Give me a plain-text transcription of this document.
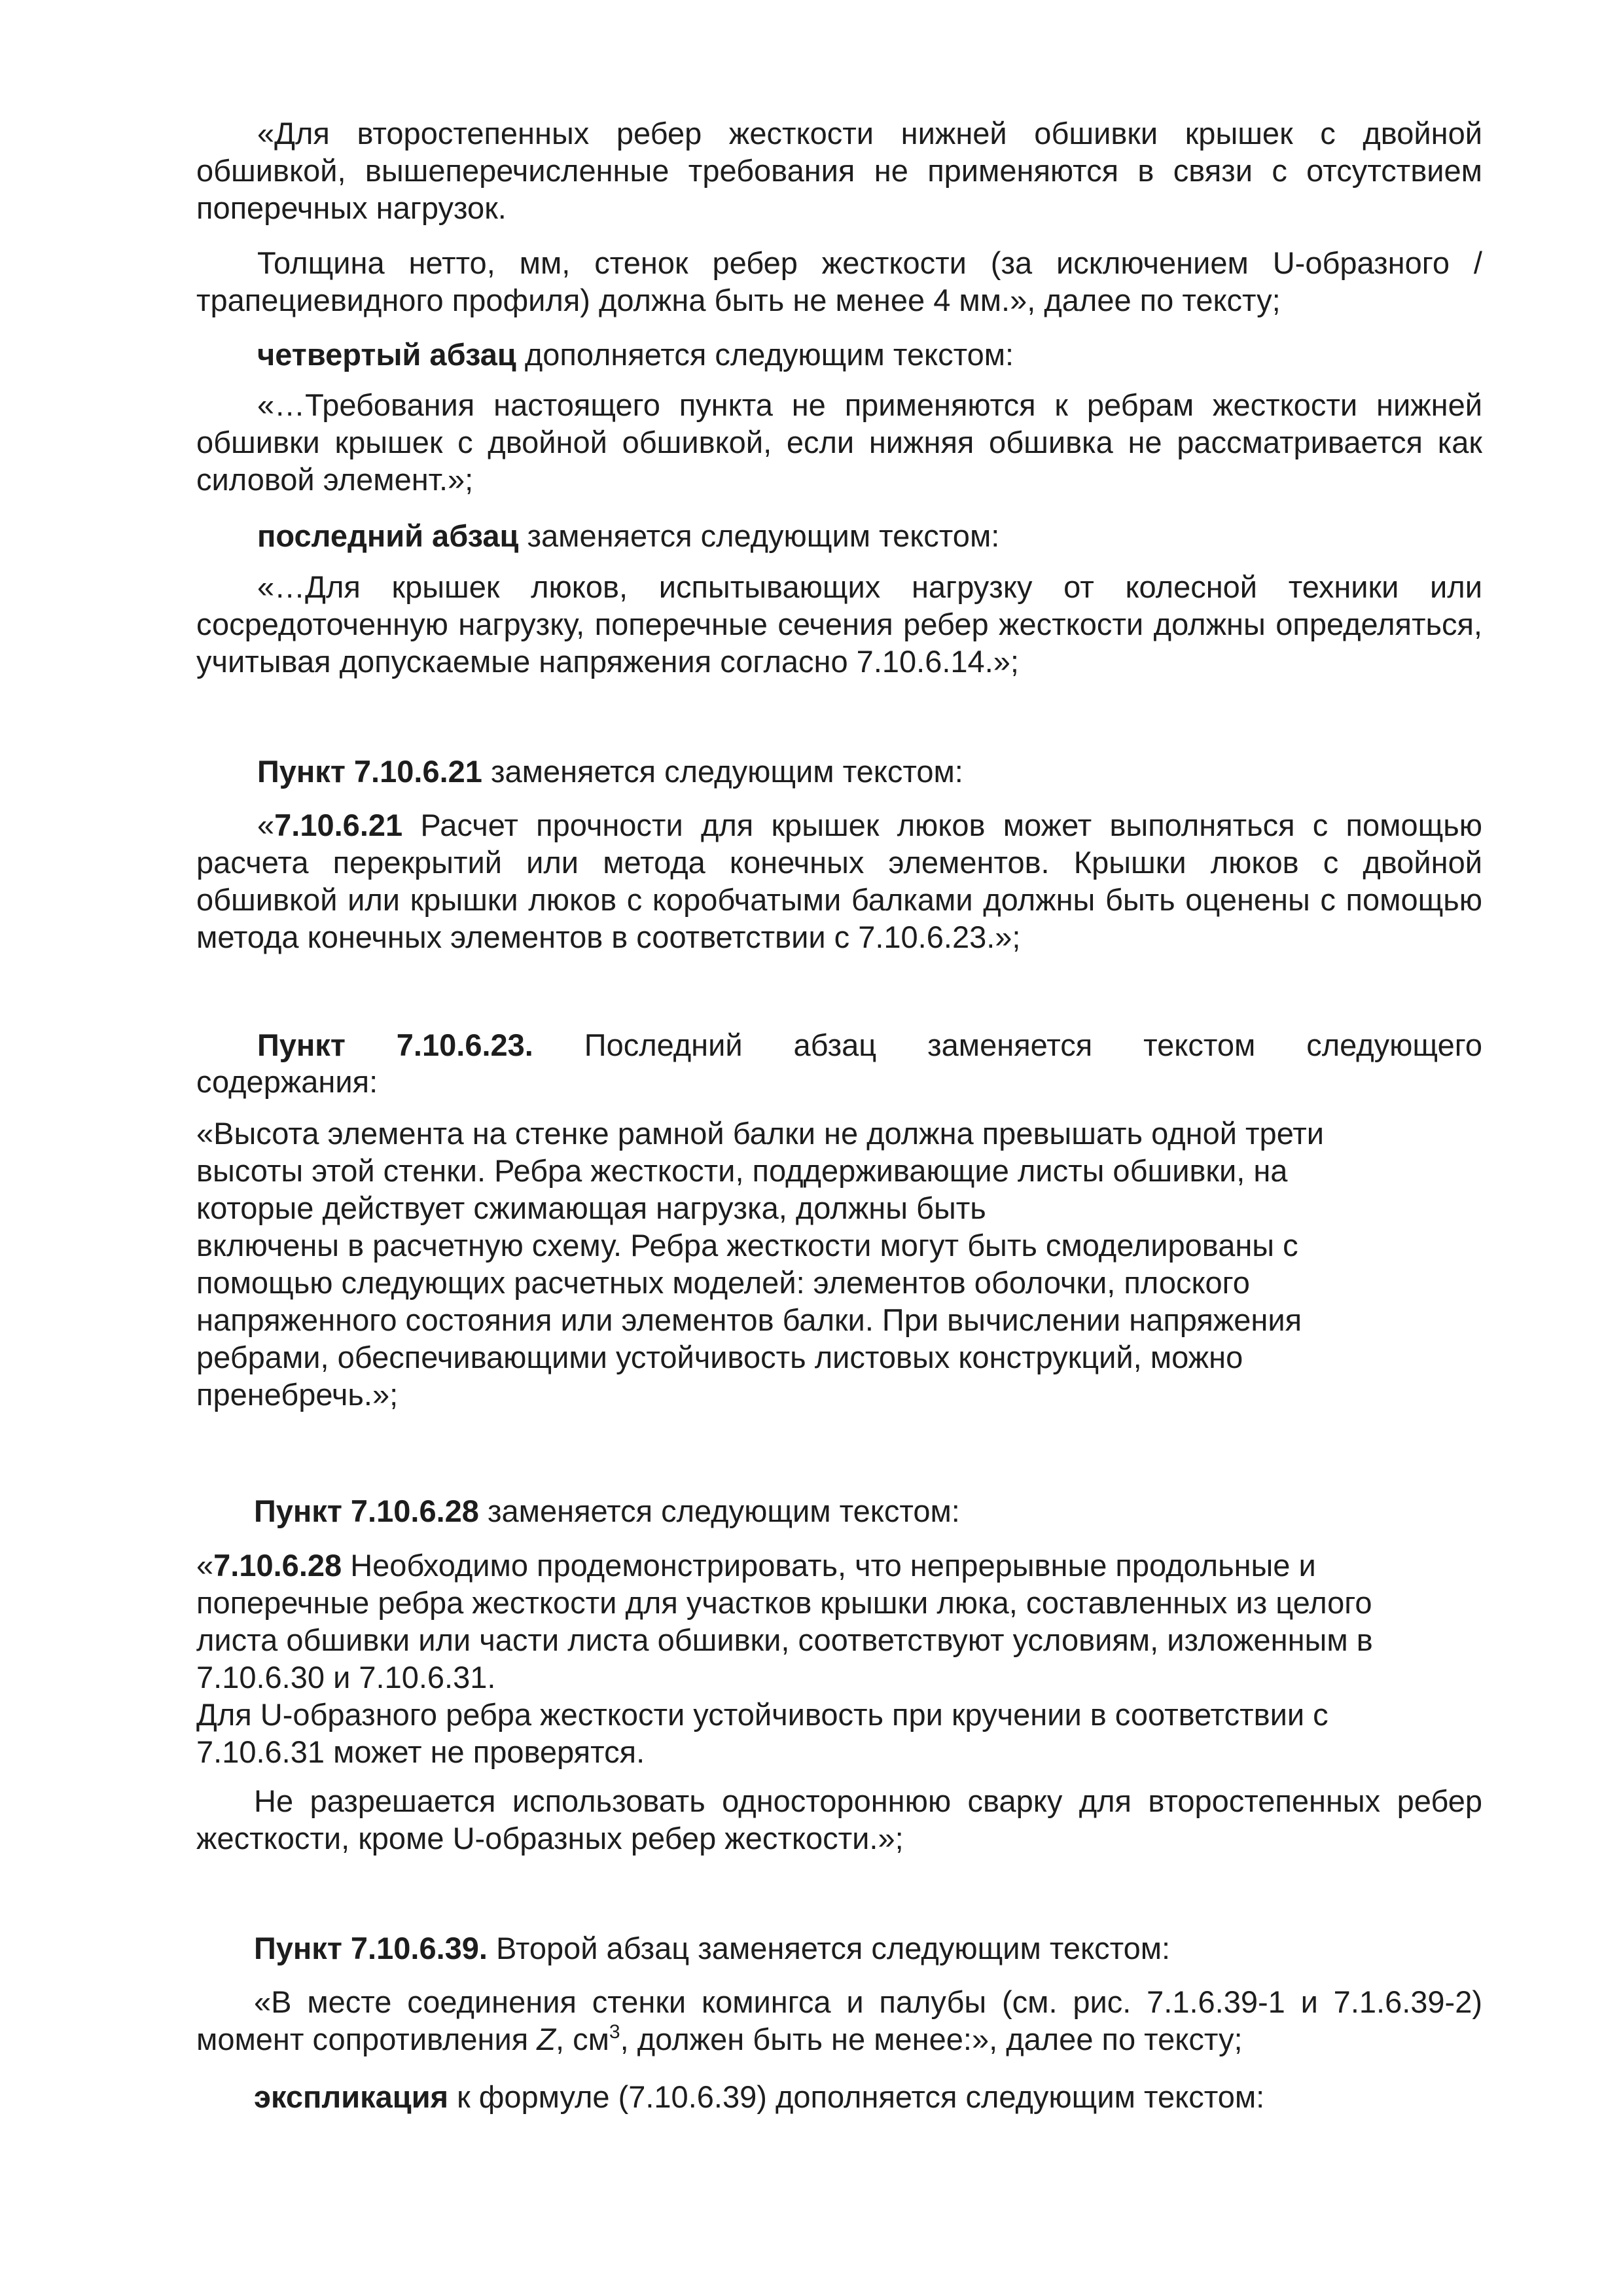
«Для второстепенных ребер жесткости нижней обшивки крышек с двойной обшивкой, вышеперечисленные требования не применяются в связи с отсутствием поперечных нагрузок.
Толщина нетто, мм, стенок ребер жесткости (за исключением U-образного / трапециевидного профиля) должна быть не менее 4 мм.», далее по тексту;
четвертый абзац дополняется следующим текстом:
«…Требования настоящего пункта не применяются к ребрам жесткости нижней обшивки крышек с двойной обшивкой, если нижняя обшивка не рассматривается как силовой элемент.»;
последний абзац заменяется следующим текстом:
«…Для крышек люков, испытывающих нагрузку от колесной техники или сосредоточенную нагрузку, поперечные сечения ребер жесткости должны определяться, учитывая допускаемые напряжения согласно 7.10.6.14.»;
Пункт 7.10.6.21 заменяется следующим текстом:
«7.10.6.21 Расчет прочности для крышек люков может выполняться с помощью расчета перекрытий или метода конечных элементов. Крышки люков с двойной обшивкой или крышки люков с коробчатыми балками должны быть оценены с помощью метода конечных элементов в соответствии с 7.10.6.23.»;
Пункт 7.10.6.23. Последний абзац заменяется текстом следующего
содержания:
«Высота элемента на стенке рамной балки не должна превышать одной трети
высоты этой стенки. Ребра жесткости, поддерживающие листы обшивки, на
которые действует сжимающая нагрузка, должны быть
включены в расчетную схему. Ребра жесткости могут быть смоделированы с
помощью следующих расчетных моделей: элементов оболочки, плоского
напряженного состояния или элементов балки. При вычислении напряжения
ребрами, обеспечивающими устойчивость листовых конструкций, можно
пренебречь.»;
Пункт 7.10.6.28 заменяется следующим текстом:
«7.10.6.28 Необходимо продемонстрировать, что непрерывные продольные и
поперечные ребра жесткости для участков крышки люка, составленных из целого
листа обшивки или части листа обшивки, соответствуют условиям, изложенным в
7.10.6.30 и 7.10.6.31.
Для U-образного ребра жесткости устойчивость при кручении в соответствии с
7.10.6.31 может не проверятся.
Не разрешается использовать одностороннюю сварку для второстепенных ребер жесткости, кроме U-образных ребер жесткости.»;
Пункт 7.10.6.39. Второй абзац заменяется следующим текстом:
«В месте соединения стенки комингса и палубы (см. рис. 7.1.6.39-1 и 7.1.6.39-2) момент сопротивления Z, $см^3$, должен быть не менее:», далее по тексту;
экспликация к формуле (7.10.6.39) дополняется следующим текстом:
